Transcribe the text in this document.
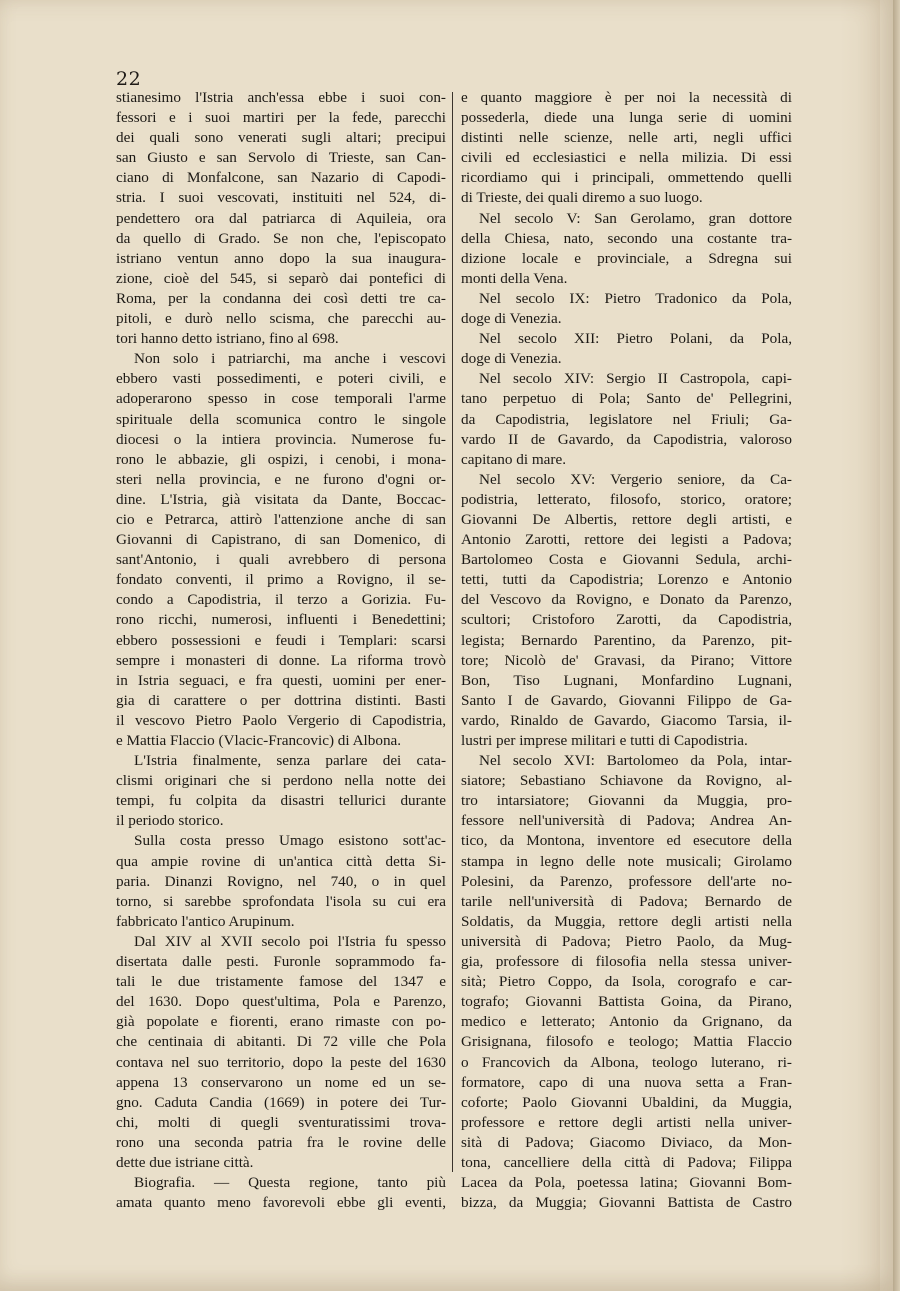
22
stianesimo l'Istria anch'essa ebbe i suoi con-
fessori e i suoi martiri per la fede, parecchi
dei quali sono venerati sugli altari; precipui
san Giusto e san Servolo di Trieste, san Can-
ciano di Monfalcone, san Nazario di Capodi-
stria. I suoi vescovati, instituiti nel 524, di-
pendettero ora dal patriarca di Aquileia, ora
da quello di Grado. Se non che, l'episcopato
istriano ventun anno dopo la sua inaugura-
zione, cioè del 545, si separò dai pontefici di
Roma, per la condanna dei così detti tre ca-
pitoli, e durò nello scisma, che parecchi au-
tori hanno detto istriano, fino al 698.
Non solo i patriarchi, ma anche i vescovi
ebbero vasti possedimenti, e poteri civili, e
adoperarono spesso in cose temporali l'arme
spirituale della scomunica contro le singole
diocesi o la intiera provincia. Numerose fu-
rono le abbazie, gli ospizi, i cenobi, i mona-
steri nella provincia, e ne furono d'ogni or-
dine. L'Istria, già visitata da Dante, Boccac-
cio e Petrarca, attirò l'attenzione anche di san
Giovanni di Capistrano, di san Domenico, di
sant'Antonio, i quali avrebbero di persona
fondato conventi, il primo a Rovigno, il se-
condo a Capodistria, il terzo a Gorizia. Fu-
rono ricchi, numerosi, influenti i Benedettini;
ebbero possessioni e feudi i Templari: scarsi
sempre i monasteri di donne. La riforma trovò
in Istria seguaci, e fra questi, uomini per ener-
gia di carattere o per dottrina distinti. Basti
il vescovo Pietro Paolo Vergerio di Capodistria,
e Mattia Flaccio (Vlacic-Francovic) di Albona.
L'Istria finalmente, senza parlare dei cata-
clismi originari che si perdono nella notte dei
tempi, fu colpita da disastri tellurici durante
il periodo storico.
Sulla costa presso Umago esistono sott'ac-
qua ampie rovine di un'antica città detta Si-
paria. Dinanzi Rovigno, nel 740, o in quel
torno, si sarebbe sprofondata l'isola su cui era
fabbricato l'antico Arupinum.
Dal XIV al XVII secolo poi l'Istria fu spesso
disertata dalle pesti. Furonle soprammodo fa-
tali le due tristamente famose del 1347 e
del 1630. Dopo quest'ultima, Pola e Parenzo,
già popolate e fiorenti, erano rimaste con po-
che centinaia di abitanti. Di 72 ville che Pola
contava nel suo territorio, dopo la peste del 1630
appena 13 conservarono un nome ed un se-
gno. Caduta Candia (1669) in potere dei Tur-
chi, molti di quegli sventuratissimi trova-
rono una seconda patria fra le rovine delle
dette due istriane città.
Biografia. — Questa regione, tanto più
amata quanto meno favorevoli ebbe gli eventi,
e quanto maggiore è per noi la necessità di
possederla, diede una lunga serie di uomini
distinti nelle scienze, nelle arti, negli uffici
civili ed ecclesiastici e nella milizia. Di essi
ricordiamo qui i principali, ommettendo quelli
di Trieste, dei quali diremo a suo luogo.
Nel secolo V: San Gerolamo, gran dottore
della Chiesa, nato, secondo una costante tra-
dizione locale e provinciale, a Sdregna sui
monti della Vena.
Nel secolo IX: Pietro Tradonico da Pola,
doge di Venezia.
Nel secolo XII: Pietro Polani, da Pola,
doge di Venezia.
Nel secolo XIV: Sergio II Castropola, capi-
tano perpetuo di Pola; Santo de' Pellegrini,
da Capodistria, legislatore nel Friuli; Ga-
vardo II de Gavardo, da Capodistria, valoroso
capitano di mare.
Nel secolo XV: Vergerio seniore, da Ca-
podistria, letterato, filosofo, storico, oratore;
Giovanni De Albertis, rettore degli artisti, e
Antonio Zarotti, rettore dei legisti a Padova;
Bartolomeo Costa e Giovanni Sedula, archi-
tetti, tutti da Capodistria; Lorenzo e Antonio
del Vescovo da Rovigno, e Donato da Parenzo,
scultori; Cristoforo Zarotti, da Capodistria,
legista; Bernardo Parentino, da Parenzo, pit-
tore; Nicolò de' Gravasi, da Pirano; Vittore
Bon, Tiso Lugnani, Monfardino Lugnani,
Santo I de Gavardo, Giovanni Filippo de Ga-
vardo, Rinaldo de Gavardo, Giacomo Tarsia, il-
lustri per imprese militari e tutti di Capodistria.
Nel secolo XVI: Bartolomeo da Pola, intar-
siatore; Sebastiano Schiavone da Rovigno, al-
tro intarsiatore; Giovanni da Muggia, pro-
fessore nell'università di Padova; Andrea An-
tico, da Montona, inventore ed esecutore della
stampa in legno delle note musicali; Girolamo
Polesini, da Parenzo, professore dell'arte no-
tarile nell'università di Padova; Bernardo de
Soldatis, da Muggia, rettore degli artisti nella
università di Padova; Pietro Paolo, da Mug-
gia, professore di filosofia nella stessa univer-
sità; Pietro Coppo, da Isola, corografo e car-
tografo; Giovanni Battista Goina, da Pirano,
medico e letterato; Antonio da Grignano, da
Grisignana, filosofo e teologo; Mattia Flaccio
o Francovich da Albona, teologo luterano, ri-
formatore, capo di una nuova setta a Fran-
coforte; Paolo Giovanni Ubaldini, da Muggia,
professore e rettore degli artisti nella univer-
sità di Padova; Giacomo Diviaco, da Mon-
tona, cancelliere della città di Padova; Filippa
Lacea da Pola, poetessa latina; Giovanni Bom-
bizza, da Muggia; Giovanni Battista de Castro
